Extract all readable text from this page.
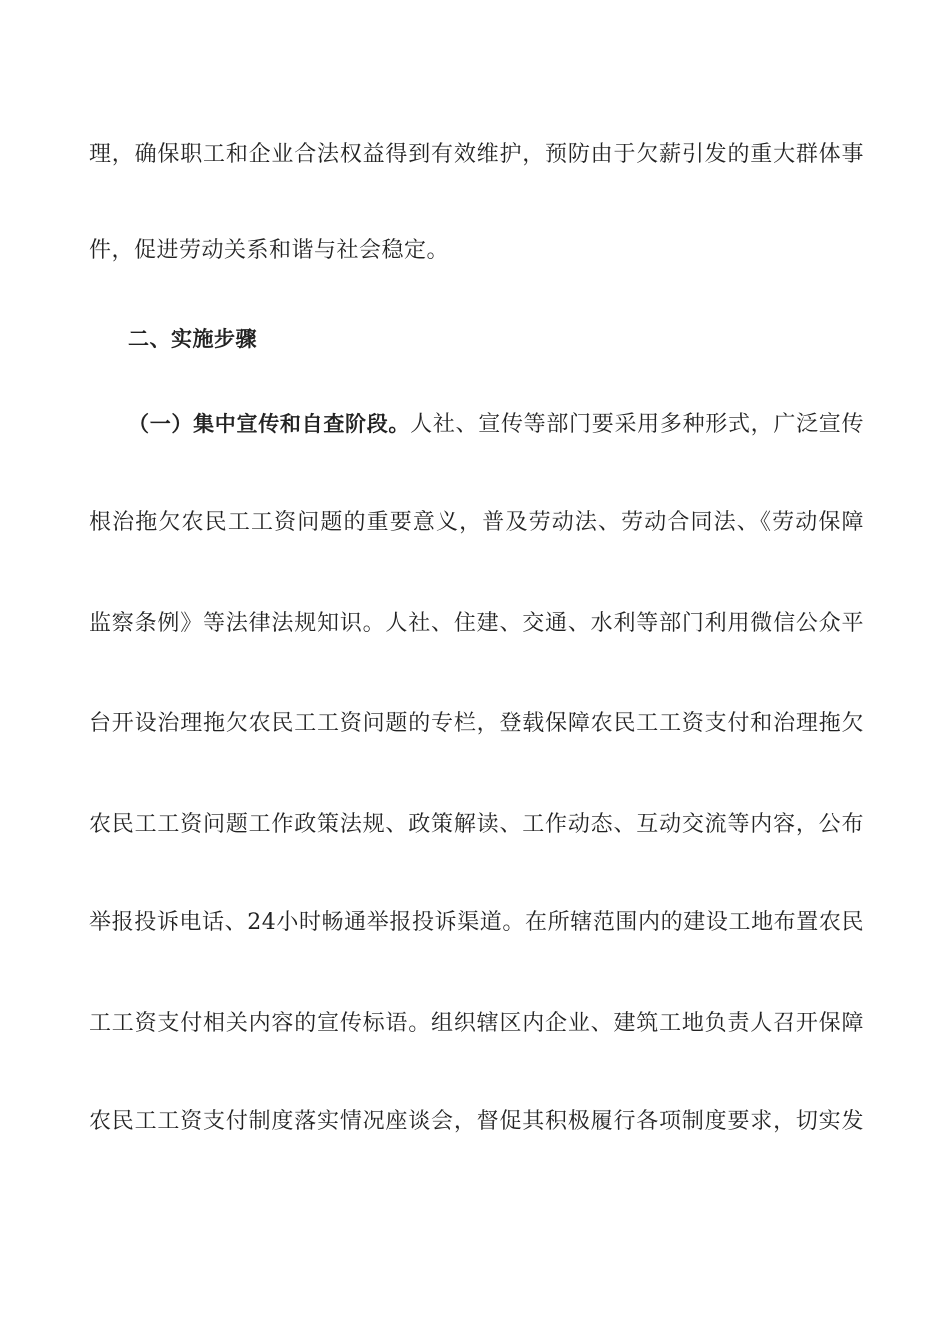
理，确保职工和企业合法权益得到有效维护，预防由于欠薪引发的重大群体事
件，促进劳动关系和谐与社会稳定。
二、实施步骤
（一）集中宣传和自查阶段。人社、宣传等部门要采用多种形式，广泛宣传
根治拖欠农民工工资问题的重要意义，普及劳动法、劳动合同法、《劳动保障
监察条例》等法律法规知识。人社、住建、交通、水利等部门利用微信公众平
台开设治理拖欠农民工工资问题的专栏，登载保障农民工工资支付和治理拖欠
农民工工资问题工作政策法规、政策解读、工作动态、互动交流等内容，公布
举报投诉电话、24小时畅通举报投诉渠道。在所辖范围内的建设工地布置农民
工工资支付相关内容的宣传标语。组织辖区内企业、建筑工地负责人召开保障
农民工工资支付制度落实情况座谈会，督促其积极履行各项制度要求，切实发
